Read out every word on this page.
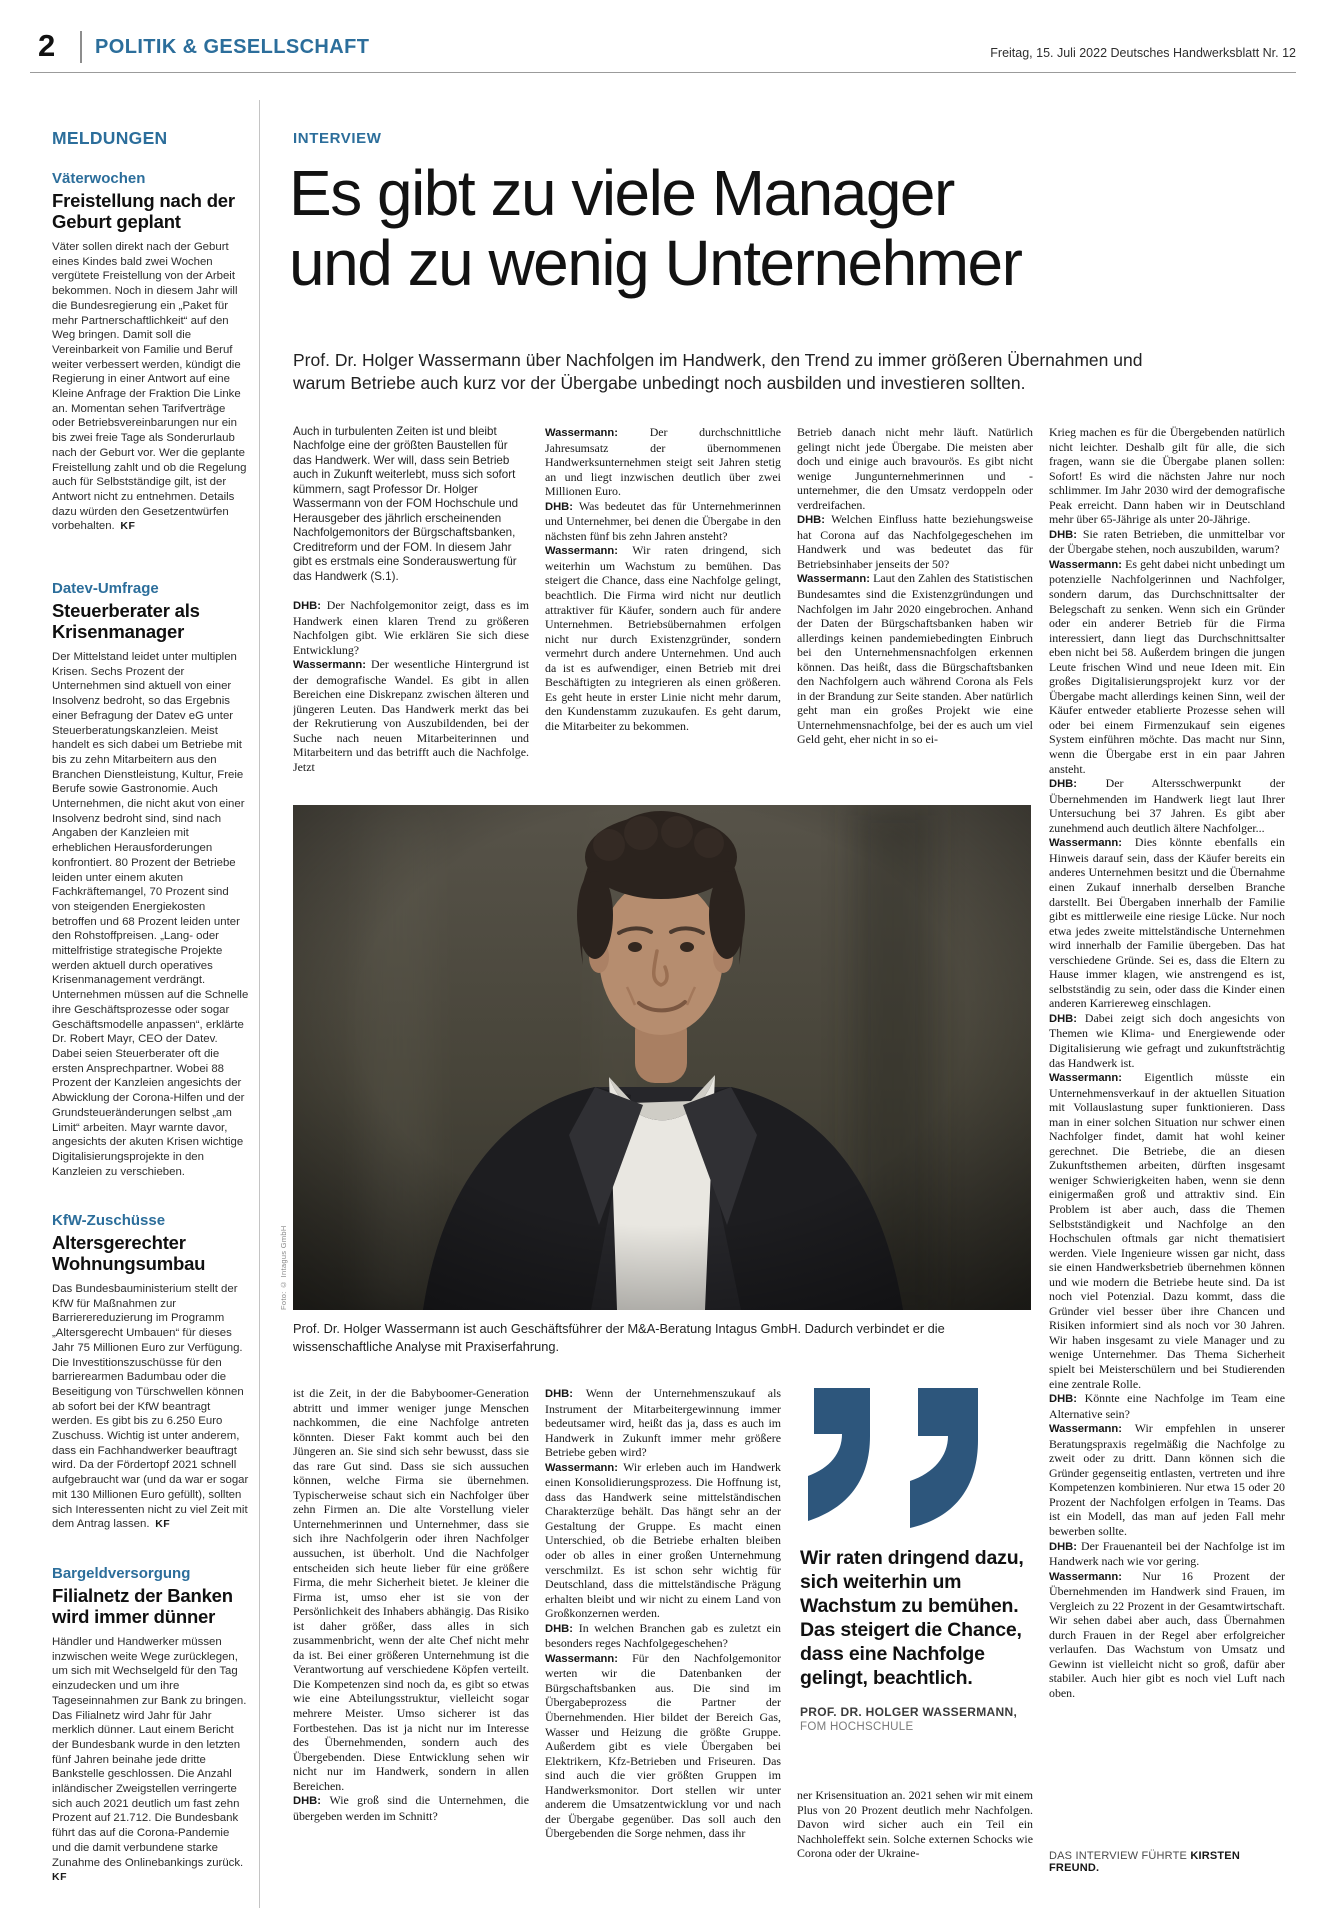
2 POLITIK & GESELLSCHAFT	Freitag, 15. Juli 2022 Deutsches Handwerksblatt Nr. 12
MELDUNGEN
Väterwochen
Freistellung nach der Geburt geplant
Väter sollen direkt nach der Geburt eines Kindes bald zwei Wochen vergütete Freistellung von der Arbeit bekommen. Noch in diesem Jahr will die Bundesregierung ein „Paket für mehr Partnerschaftlichkeit“ auf den Weg bringen. Damit soll die Vereinbarkeit von Familie und Beruf weiter verbessert werden, kündigt die Regierung in einer Antwort auf eine Kleine Anfrage der Fraktion Die Linke an. Momentan sehen Tarifverträge oder Betriebsvereinbarungen nur ein bis zwei freie Tage als Sonderurlaub nach der Geburt vor. Wer die geplante Freistellung zahlt und ob die Regelung auch für Selbstständige gilt, ist der Antwort nicht zu entnehmen. Details dazu würden den Gesetzentwürfen vorbehalten.  KF
Datev-Umfrage
Steuerberater als Krisenmanager
Der Mittelstand leidet unter multiplen Krisen. Sechs Prozent der Unternehmen sind aktuell von einer Insolvenz bedroht, so das Ergebnis einer Befragung der Datev eG unter Steuerberatungskanzleien. Meist handelt es sich dabei um Betriebe mit bis zu zehn Mitarbeitern aus den Branchen Dienstleistung, Kultur, Freie Berufe sowie Gastronomie. Auch Unternehmen, die nicht akut von einer Insolvenz bedroht sind, sind nach Angaben der Kanzleien mit erheblichen Herausforderungen konfrontiert. 80 Prozent der Betriebe leiden unter einem akuten Fachkräftemangel, 70 Prozent sind von steigenden Energiekosten betroffen und 68 Prozent leiden unter den Rohstoffpreisen. „Lang- oder mittelfristige strategische Projekte werden aktuell durch operatives Krisenmanagement verdrängt. Unternehmen müssen auf die Schnelle ihre Geschäftsprozesse oder sogar Geschäftsmodelle anpassen“, erklärte Dr. Robert Mayr, CEO der Datev. Dabei seien Steuerberater oft die ersten Ansprechpartner. Wobei 88 Prozent der Kanzleien angesichts der Abwicklung der Corona-Hilfen und der Grundsteueränderungen selbst „am Limit“ arbeiten. Mayr warnte davor, angesichts der akuten Krisen wichtige Digitalisierungsprojekte in den Kanzleien zu verschieben.
KfW-Zuschüsse
Altersgerechter Wohnungsumbau
Das Bundesbauministerium stellt der KfW für Maßnahmen zur Barrierereduzierung im Programm „Altersgerecht Umbauen“ für dieses Jahr 75 Millionen Euro zur Verfügung. Die Investitionszuschüsse für den barrierearmen Badumbau oder die Beseitigung von Türschwellen können ab sofort bei der KfW beantragt werden. Es gibt bis zu 6.250 Euro Zuschuss. Wichtig ist unter anderem, dass ein Fachhandwerker beauftragt wird. Da der Fördertopf 2021 schnell aufgebraucht war (und da war er sogar mit 130 Millionen Euro gefüllt), sollten sich Interessenten nicht zu viel Zeit mit dem Antrag lassen.  KF
Bargeldversorgung
Filialnetz der Banken wird immer dünner
Händler und Handwerker müssen inzwischen weite Wege zurücklegen, um sich mit Wechselgeld für den Tag einzudecken und um ihre Tageseinnahmen zur Bank zu bringen. Das Filialnetz wird Jahr für Jahr merklich dünner. Laut einem Bericht der Bundesbank wurde in den letzten fünf Jahren beinahe jede dritte Bankstelle geschlossen. Die Anzahl inländischer Zweigstellen verringerte sich auch 2021 deutlich um fast zehn Prozent auf 21.712. Die Bundesbank führt das auf die Corona-Pandemie und die damit verbundene starke Zunahme des Onlinebankings zurück. KF
INTERVIEW
Es gibt zu viele Manager
und zu wenig Unternehmer
Prof. Dr. Holger Wassermann über Nachfolgen im Handwerk, den Trend zu immer größeren Übernahmen und warum Betriebe auch kurz vor der Übergabe unbedingt noch ausbilden und investieren sollten.
Auch in turbulenten Zeiten ist und bleibt Nachfolge eine der größten Baustellen für das Handwerk. Wer will, dass sein Betrieb auch in Zukunft weiterlebt, muss sich sofort kümmern, sagt Professor Dr. Holger Wassermann von der FOM Hochschule und Herausgeber des jährlich erscheinenden Nachfolgemonitors der Bürgschaftsbanken, Creditreform und der FOM. In diesem Jahr gibt es erstmals eine Sonderauswertung für das Handwerk (S.1).

DHB: Der Nachfolgemonitor zeigt, dass es im Handwerk einen klaren Trend zu größeren Nachfolgen gibt. Wie erklären Sie sich diese Entwicklung?

Wassermann: Der wesentliche Hintergrund ist der demografische Wandel. Es gibt in allen Bereichen eine Diskrepanz zwischen älteren und jüngeren Leuten. Das Handwerk merkt das bei der Rekrutierung von Auszubildenden, bei der Suche nach neuen Mitarbeiterinnen und Mitarbeitern und das betrifft auch die Nachfolge. Jetzt

Wassermann: Der durchschnittliche Jahresumsatz der übernommenen Handwerksunternehmen steigt seit Jahren stetig an und liegt inzwischen deutlich über zwei Millionen Euro.

DHB: Was bedeutet das für Unternehmerinnen und Unternehmer, bei denen die Übergabe in den nächsten fünf bis zehn Jahren ansteht?

Wassermann: Wir raten dringend, sich weiterhin um Wachstum zu bemühen. Das steigert die Chance, dass eine Nachfolge gelingt, beachtlich. Die Firma wird nicht nur deutlich attraktiver für Käufer, sondern auch für andere Unternehmen. Betriebsübernahmen erfolgen nicht nur durch Existenzgründer, sondern vermehrt durch andere Unternehmen. Und auch da ist es aufwendiger, einen Betrieb mit drei Beschäftigten zu integrieren als einen größeren. Es geht heute in erster Linie nicht mehr darum, den Kundenstamm zuzukaufen. Es geht darum, die Mitarbeiter zu bekommen.

Betrieb danach nicht mehr läuft. Natürlich gelingt nicht jede Übergabe. Die meisten aber doch und einige auch bravourös. Es gibt nicht wenige Jungunternehmerinnen und -unternehmer, die den Umsatz verdoppeln oder verdreifachen.

DHB: Welchen Einfluss hatte beziehungsweise hat Corona auf das Nachfolgegeschehen im Handwerk und was bedeutet das für Betriebsinhaber jenseits der 50?

Wassermann: Laut den Zahlen des Statistischen Bundesamtes sind die Existenzgründungen und Nachfolgen im Jahr 2020 eingebrochen. Anhand der Daten der Bürgschaftsbanken haben wir allerdings keinen pandemiebedingten Einbruch bei den Unternehmensnachfolgen erkennen können. Das heißt, dass die Bürgschaftsbanken den Nachfolgern auch während Corona als Fels in der Brandung zur Seite standen. Aber natürlich geht man ein großes Projekt wie eine Unternehmensnachfolge, bei der es auch um viel Geld geht, eher nicht in so ei-

Krieg machen es für die Übergebenden natürlich nicht leichter. Deshalb gilt für alle, die sich fragen, wann sie die Übergabe planen sollen: Sofort! Es wird die nächsten Jahre nur noch schlimmer. Im Jahr 2030 wird der demografische Peak erreicht. Dann haben wir in Deutschland mehr über 65-Jährige als unter 20-Jährige.

DHB: Sie raten Betrieben, die unmittelbar vor der Übergabe stehen, noch auszubilden, warum?

Wassermann: Es geht dabei nicht unbedingt um potenzielle Nachfolgerinnen und Nachfolger, sondern darum, das Durchschnittsalter der Belegschaft zu senken. Wenn sich ein Gründer oder ein anderer Betrieb für die Firma interessiert, dann liegt das Durchschnittsalter eben nicht bei 58. Außerdem bringen die jungen Leute frischen Wind und neue Ideen mit. Ein großes Digitalisierungsprojekt kurz vor der Übergabe macht allerdings keinen Sinn, weil der Käufer entweder etablierte Prozesse sehen will oder bei einem Firmenzukauf sein eigenes System einführen möchte. Das macht nur Sinn, wenn die Übergabe erst in ein paar Jahren ansteht.

DHB: Der Altersschwerpunkt der Übernehmenden im Handwerk liegt laut Ihrer Untersuchung bei 37 Jahren. Es gibt aber zunehmend auch deutlich ältere Nachfolger...

Wassermann: Dies könnte ebenfalls ein Hinweis darauf sein, dass der Käufer bereits ein anderes Unternehmen besitzt und die Übernahme einen Zukauf innerhalb derselben Branche darstellt. Bei Übergaben innerhalb der Familie gibt es mittlerweile eine riesige Lücke. Nur noch etwa jedes zweite mittelständische Unternehmen wird innerhalb der Familie übergeben. Das hat verschiedene Gründe. Sei es, dass die Eltern zu Hause immer klagen, wie anstrengend es ist, selbstständig zu sein, oder dass die Kinder einen anderen Karriereweg einschlagen.

DHB: Dabei zeigt sich doch angesichts von Themen wie Klima- und Energiewende oder Digitalisierung wie gefragt und zukunftsträchtig das Handwerk ist.

Wassermann: Eigentlich müsste ein Unternehmensverkauf in der aktuellen Situation mit Vollauslastung super funktionieren. Dass man in einer solchen Situation nur schwer einen Nachfolger findet, damit hat wohl keiner gerechnet. Die Betriebe, die an diesen Zukunftsthemen arbeiten, dürften insgesamt weniger Schwierigkeiten haben, wenn sie denn einigermaßen groß und attraktiv sind. Ein Problem ist aber auch, dass die Themen Selbstständigkeit und Nachfolge an den Hochschulen oftmals gar nicht thematisiert werden. Viele Ingenieure wissen gar nicht, dass sie einen Handwerksbetrieb übernehmen können und wie modern die Betriebe heute sind. Da ist noch viel Potenzial. Dazu kommt, dass die Gründer viel besser über ihre Chancen und Risiken informiert sind als noch vor 30 Jahren. Wir haben insgesamt zu viele Manager und zu wenige Unternehmer. Das Thema Sicherheit spielt bei Meisterschülern und bei Studierenden eine zentrale Rolle.

DHB: Könnte eine Nachfolge im Team eine Alternative sein?

Wassermann: Wir empfehlen in unserer Beratungspraxis regelmäßig die Nachfolge zu zweit oder zu dritt. Dann können sich die Gründer gegenseitig entlasten, vertreten und ihre Kompetenzen kombinieren. Nur etwa 15 oder 20 Prozent der Nachfolgen erfolgen in Teams. Das ist ein Modell, das man auf jeden Fall mehr bewerben sollte.

DHB: Der Frauenanteil bei der Nachfolge ist im Handwerk nach wie vor gering.

Wassermann: Nur 16 Prozent der Übernehmenden im Handwerk sind Frauen, im Vergleich zu 22 Prozent in der Gesamtwirtschaft. Wir sehen dabei aber auch, dass Übernahmen durch Frauen in der Regel aber erfolgreicher verlaufen. Das Wachstum von Umsatz und Gewinn ist vielleicht nicht so groß, dafür aber stabiler. Auch hier gibt es noch viel Luft nach oben.

ist die Zeit, in der die Babyboomer-Generation abtritt und immer weniger junge Menschen nachkommen, die eine Nachfolge antreten könnten. Dieser Fakt kommt auch bei den Jüngeren an. Sie sind sich sehr bewusst, dass sie das rare Gut sind. Dass sie sich aussuchen können, welche Firma sie übernehmen. Typischerweise schaut sich ein Nachfolger über zehn Firmen an. Die alte Vorstellung vieler Unternehmerinnen und Unternehmer, dass sie sich ihre Nachfolgerin oder ihren Nachfolger aussuchen, ist überholt. Und die Nachfolger entscheiden sich heute lieber für eine größere Firma, die mehr Sicherheit bietet. Je kleiner die Firma ist, umso eher ist sie von der Persönlichkeit des Inhabers abhängig. Das Risiko ist daher größer, dass alles in sich zusammenbricht, wenn der alte Chef nicht mehr da ist. Bei einer größeren Unternehmung ist die Verantwortung auf verschiedene Köpfen verteilt. Die Kompetenzen sind noch da, es gibt so etwas wie eine Abteilungsstruktur, vielleicht sogar mehrere Meister. Umso sicherer ist das Fortbestehen. Das ist ja nicht nur im Interesse des Übernehmenden, sondern auch des Übergebenden. Diese Entwicklung sehen wir nicht nur im Handwerk, sondern in allen Bereichen.

DHB: Wie groß sind die Unternehmen, die übergeben werden im Schnitt?

DHB: Wenn der Unternehmenszukauf als Instrument der Mitarbeitergewinnung immer bedeutsamer wird, heißt das ja, dass es auch im Handwerk in Zukunft immer mehr größere Betriebe geben wird?

Wassermann: Wir erleben auch im Handwerk einen Konsolidierungsprozess. Die Hoffnung ist, dass das Handwerk seine mittelständischen Charakterzüge behält. Das hängt sehr an der Gestaltung der Gruppe. Es macht einen Unterschied, ob die Betriebe erhalten bleiben oder ob alles in einer großen Unternehmung verschmilzt. Es ist schon sehr wichtig für Deutschland, dass die mittelständische Prägung erhalten bleibt und wir nicht zu einem Land von Großkonzernen werden.

DHB: In welchen Branchen gab es zuletzt ein besonders reges Nachfolgegeschehen?

Wassermann: Für den Nachfolgemonitor werten wir die Datenbanken der Bürgschaftsbanken aus. Die sind im Übergabeprozess die Partner der Übernehmenden. Hier bildet der Bereich Gas, Wasser und Heizung die größte Gruppe. Außerdem gibt es viele Übergaben bei Elektrikern, Kfz-Betrieben und Friseuren. Das sind auch die vier größten Gruppen im Handwerksmonitor. Dort stellen wir unter anderem die Umsatzentwicklung vor und nach der Übergabe gegenüber. Das soll auch den Übergebenden die Sorge nehmen, dass ihr

ner Krisensituation an. 2021 sehen wir mit einem Plus von 20 Prozent deutlich mehr Nachfolgen. Davon wird sicher auch ein Teil ein Nachholeffekt sein. Solche externen Schocks wie Corona oder der Ukraine-

Foto: © Intagus GmbH
Prof. Dr. Holger Wassermann ist auch Geschäftsführer der M&A-Beratung Intagus GmbH. Dadurch verbindet er die wissenschaftliche Analyse mit Praxiserfahrung.
Wir raten dringend dazu, sich weiterhin um Wachstum zu bemühen. Das steigert die Chance, dass eine Nachfolge gelingt, beachtlich.
PROF. DR. HOLGER WASSERMANN,
FOM HOCHSCHULE
DAS INTERVIEW FÜHRTE KIRSTEN FREUND.
